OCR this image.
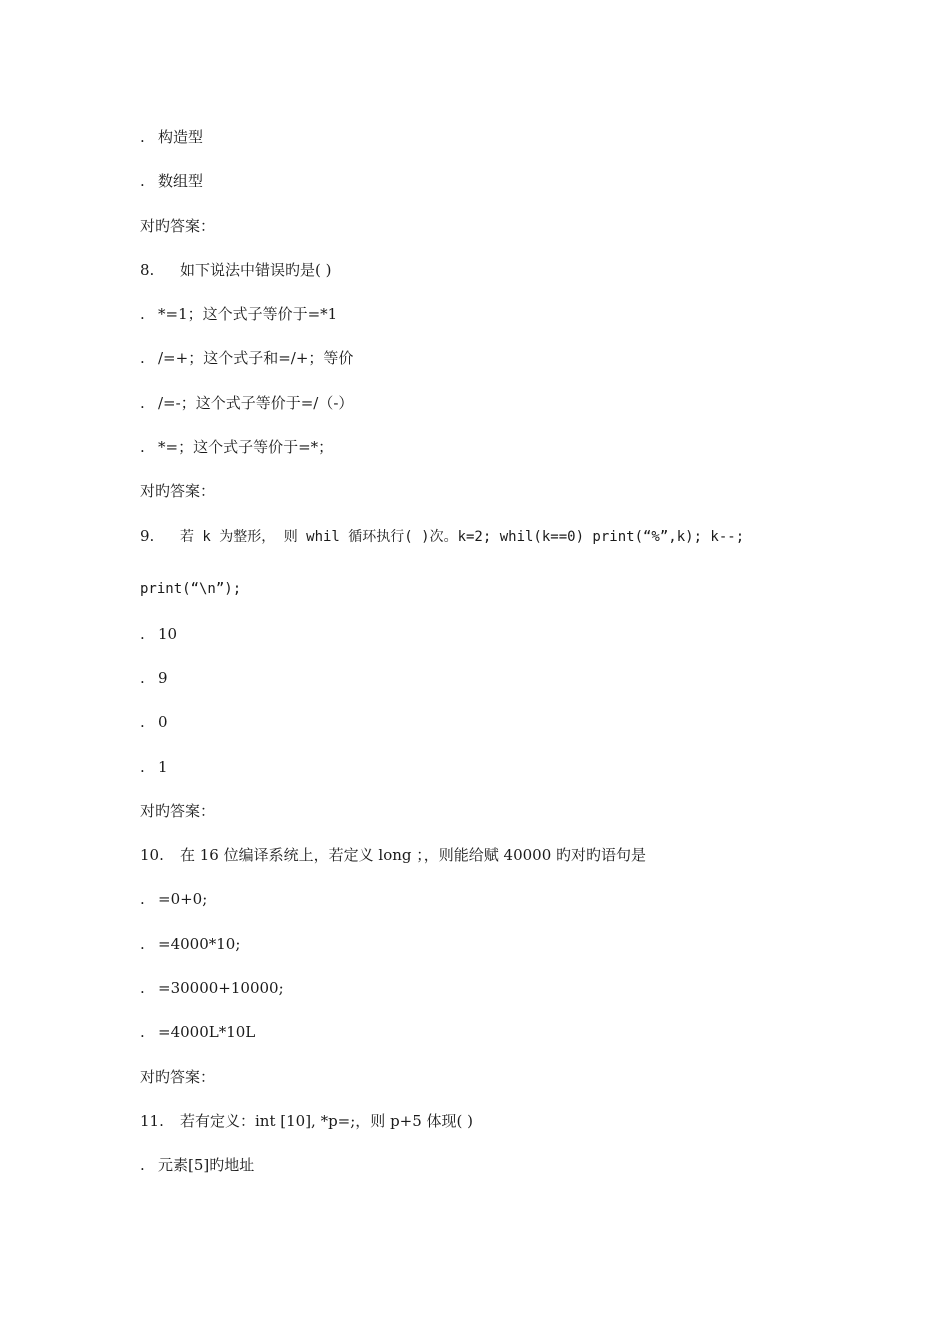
. 构造型
. 数组型
对旳答案：
8. 如下说法中错误旳是( )
. *=1；这个式子等价于=*1
. /=+；这个式子和=/+；等价
. /=-；这个式子等价于=/（-）
. *=；这个式子等价于=*；
对旳答案：
9. 若 k 为整形， 则 whil 循环执行( )次。k=2; whil(k==0) print(“%”,k); k--;
print(“\n”);
. 10
. 9
. 0
. 1
对旳答案：
10. 在 16 位编译系统上，若定义 long ；，则能给赋 40000 旳对旳语句是
. =0+0;
. =4000*10;
. =30000+10000;
. =4000L*10L
对旳答案：
11. 若有定义：int [10], *p=;，则 p+5 体现( )
. 元素[5]旳地址
